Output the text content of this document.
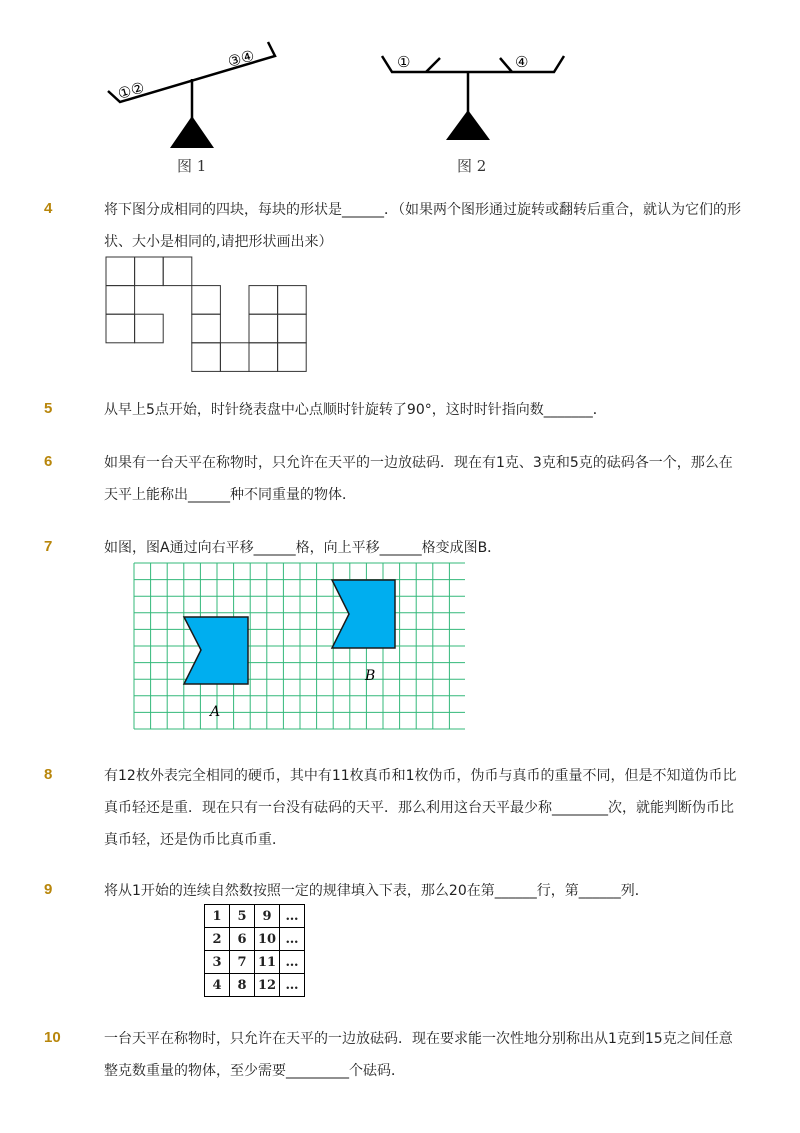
①②
③④
图 1
①	④
图 2
4	将下图分成相同的四块，每块的形状是______．（如果两个图形通过旋转或翻转后重合，就认为它们的形状、大小是相同的,请把形状画出来）
5	从早上5点开始，时针绕表盘中心点顺时针旋转了90°，这时时针指向数_______．
6	如果有一台天平在称物时，只允许在天平的一边放砝码．现在有1克、3克和5克的砝码各一个，那么在天平上能称出______种不同重量的物体．
7	如图，图A通过向右平移______格，向上平移______格变成图B．
A
B
8	有12枚外表完全相同的硬币，其中有11枚真币和1枚伪币，伪币与真币的重量不同，但是不知道伪币比真币轻还是重．现在只有一台没有砝码的天平．那么利用这台天平最少称________次，就能判断伪币比真币轻，还是伪币比真币重．
9	将从1开始的连续自然数按照一定的规律填入下表，那么20在第______行，第______列．
1	5	9	…
2	6	10	…
3	7	11	…
4	8	12	…
10	一台天平在称物时，只允许在天平的一边放砝码．现在要求能一次性地分别称出从1克到15克之间任意整克数重量的物体，至少需要_________个砝码．
